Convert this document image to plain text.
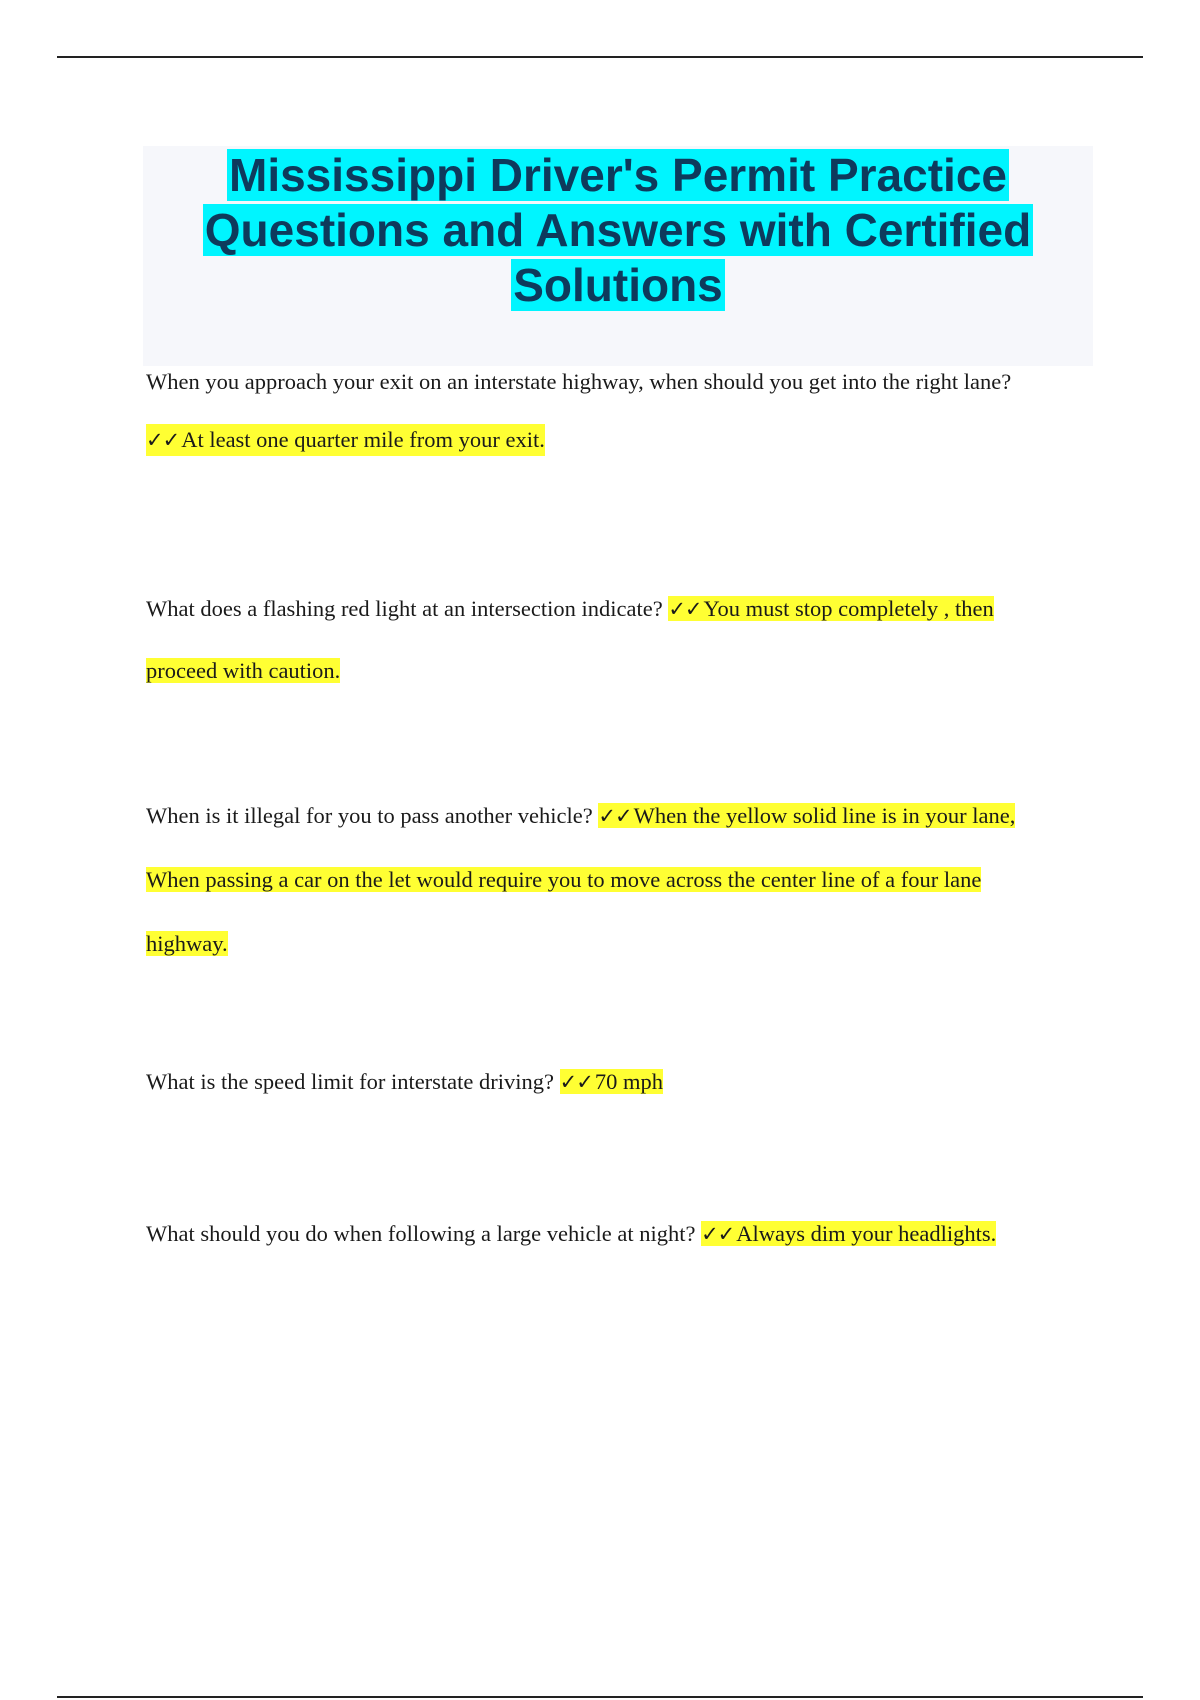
Mississippi Driver's Permit Practice
Questions and Answers with Certified
Solutions

When you approach your exit on an interstate highway, when should you get into the right lane?
✓✓At least one quarter mile from your exit.

What does a flashing red light at an intersection indicate? ✓✓You must stop completely , then
proceed with caution.

When is it illegal for you to pass another vehicle? ✓✓When the yellow solid line is in your lane,
When passing a car on the let would require you to move across the center line of a four lane
highway.

What is the speed limit for interstate driving? ✓✓70 mph

What should you do when following a large vehicle at night? ✓✓Always dim your headlights.
